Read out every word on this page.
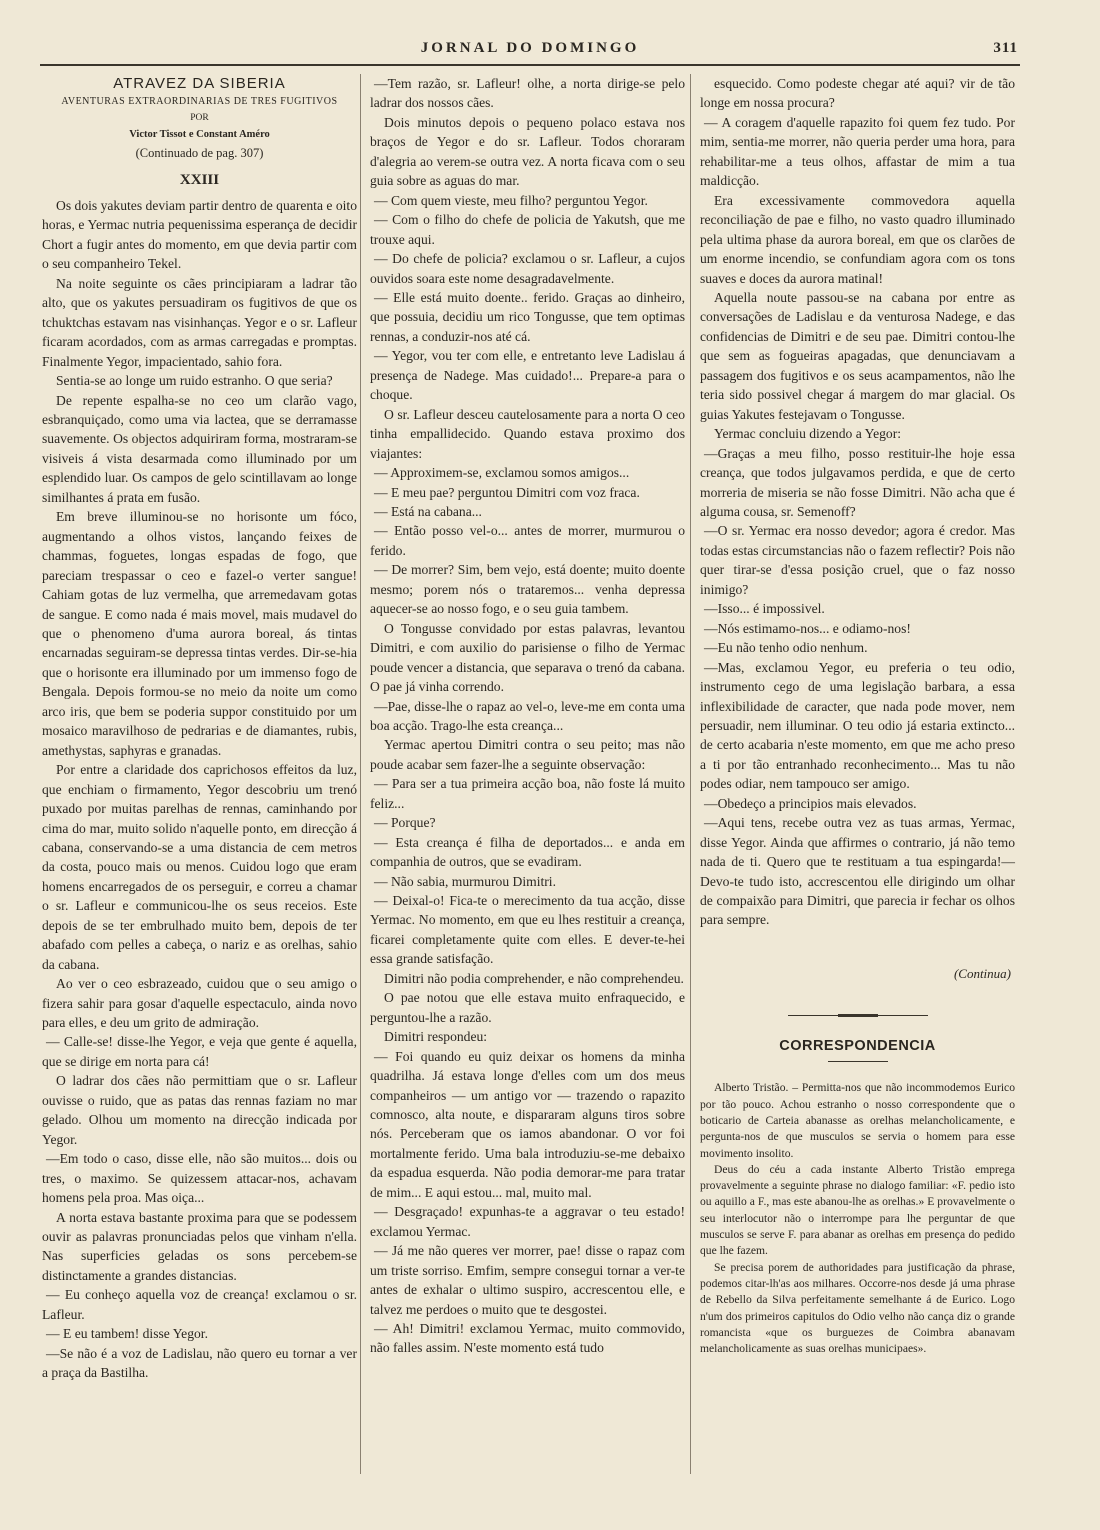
JORNAL DO DOMINGO	311
ATRAVEZ DA SIBERIA
AVENTURAS EXTRAORDINARIAS DE TRES FUGITIVOS
POR
Victor Tissot e Constant Améro
(Continuado de pag. 307)
XXIII

Os dois yakutes deviam partir dentro de quarenta e oito horas, e Yermac nutria pequenissima esperança de decidir Chort a fugir antes do momento, em que devia partir com o seu companheiro Tekel.

Na noite seguinte os cães principiaram a ladrar tão alto, que os yakutes persuadiram os fugitivos de que os tchuktchas estavam nas visinhanças. Yegor e o sr. Lafleur ficaram acordados, com as armas carregadas e promptas. Finalmente Yegor, impacientado, sahio fora.

Sentia-se ao longe um ruido estranho. O que seria?

De repente espalha-se no ceo um clarão vago, esbranquiçado, como uma via lactea, que se derramasse suavemente. Os objectos adquiriram forma, mostraram-se visiveis á vista desarmada como illuminado por um esplendido luar. Os campos de gelo scintillavam ao longe similhantes á prata em fusão.

Em breve illuminou-se no horisonte um fóco, augmentando a olhos vistos, lançando feixes de chammas, foguetes, longas espadas de fogo, que pareciam trespassar o ceo e fazel-o verter sangue! Cahiam gotas de luz vermelha, que arremedavam gotas de sangue. E como nada é mais movel, mais mudavel do que o phenomeno d'uma aurora boreal, ás tintas encarnadas seguiram-se depressa tintas verdes. Dir-se-hia que o horisonte era illuminado por um immenso fogo de Bengala. Depois formou-se no meio da noite um como arco iris, que bem se poderia suppor constituido por um mosaico maravilhoso de pedrarias e de diamantes, rubis, amethystas, saphyras e granadas.

Por entre a claridade dos caprichosos effeitos da luz, que enchiam o firmamento, Yegor descobriu um trenó puxado por muitas parelhas de rennas, caminhando por cima do mar, muito solido n'aquelle ponto, em direcção á cabana, conservando-se a uma distancia de cem metros da costa, pouco mais ou menos. Cuidou logo que eram homens encarregados de os perseguir, e correu a chamar o sr. Lafleur e communicou-lhe os seus receios. Este depois de se ter embrulhado muito bem, depois de ter abafado com pelles a cabeça, o nariz e as orelhas, sahio da cabana.

Ao ver o ceo esbrazeado, cuidou que o seu amigo o fizera sahir para gosar d'aquelle espectaculo, ainda novo para elles, e deu um grito de admiração.

— Calle-se! disse-lhe Yegor, e veja que gente é aquella, que se dirige em norta para cá!

O ladrar dos cães não permittiam que o sr. Lafleur ouvisse o ruido, que as patas das rennas faziam no mar gelado. Olhou um momento na direcção indicada por Yegor.

—Em todo o caso, disse elle, não são muitos... dois ou tres, o maximo. Se quizessem attacar-nos, achavam homens pela proa. Mas oiça...

A norta estava bastante proxima para que se podessem ouvir as palavras pronunciadas pelos que vinham n'ella. Nas superficies geladas os sons percebem-se distinctamente a grandes distancias.

— Eu conheço aquella voz de creança! exclamou o sr. Lafleur.

— E eu tambem! disse Yegor.

—Se não é a voz de Ladislau, não quero eu tornar a ver a praça da Bastilha.

—Tem razão, sr. Lafleur! olhe, a norta dirige-se pelo ladrar dos nossos cães.

Dois minutos depois o pequeno polaco estava nos braços de Yegor e do sr. Lafleur. Todos choraram d'alegria ao verem-se outra vez. A norta ficava com o seu guia sobre as aguas do mar.

— Com quem vieste, meu filho? perguntou Yegor.

— Com o filho do chefe de policia de Yakutsh, que me trouxe aqui.

— Do chefe de policia? exclamou o sr. Lafleur, a cujos ouvidos soara este nome desagradavelmente.

— Elle está muito doente.. ferido. Graças ao dinheiro, que possuia, decidiu um rico Tongusse, que tem optimas rennas, a conduzir-nos até cá.

— Yegor, vou ter com elle, e entretanto leve Ladislau á presença de Nadege. Mas cuidado!... Prepare-a para o choque.

O sr. Lafleur desceu cautelosamente para a norta O ceo tinha empallidecido. Quando estava proximo dos viajantes:

— Approximem-se, exclamou somos amigos...

— E meu pae? perguntou Dimitri com voz fraca.

— Está na cabana...

— Então posso vel-o... antes de morrer, murmurou o ferido.

— De morrer? Sim, bem vejo, está doente; muito doente mesmo; porem nós o trataremos... venha depressa aquecer-se ao nosso fogo, e o seu guia tambem.

O Tongusse convidado por estas palavras, levantou Dimitri, e com auxilio do parisiense o filho de Yermac poude vencer a distancia, que separava o trenó da cabana. O pae já vinha correndo.

—Pae, disse-lhe o rapaz ao vel-o, leve-me em conta uma boa acção. Trago-lhe esta creança...

Yermac apertou Dimitri contra o seu peito; mas não poude acabar sem fazer-lhe a seguinte observação:

— Para ser a tua primeira acção boa, não foste lá muito feliz...

— Porque?

— Esta creança é filha de deportados... e anda em companhia de outros, que se evadiram.

— Não sabia, murmurou Dimitri.

— Deixal-o! Fica-te o merecimento da tua acção, disse Yermac. No momento, em que eu lhes restituir a creança, ficarei completamente quite com elles. E dever-te-hei essa grande satisfação.

Dimitri não podia comprehender, e não comprehendeu.

O pae notou que elle estava muito enfraquecido, e perguntou-lhe a razão.

Dimitri respondeu:

— Foi quando eu quiz deixar os homens da minha quadrilha. Já estava longe d'elles com um dos meus companheiros — um antigo vor — trazendo o rapazito comnosco, alta noute, e dispararam alguns tiros sobre nós. Perceberam que os iamos abandonar. O vor foi mortalmente ferido. Uma bala introduziu-se-me debaixo da espadua esquerda. Não podia demorar-me para tratar de mim... E aqui estou... mal, muito mal.

— Desgraçado! expunhas-te a aggravar o teu estado! exclamou Yermac.

— Já me não queres ver morrer, pae! disse o rapaz com um triste sorriso. Emfim, sempre consegui tornar a ver-te antes de exhalar o ultimo suspiro, accrescentou elle, e talvez me perdoes o muito que te desgostei.

— Ah! Dimitri! exclamou Yermac, muito commovido, não falles assim. N'este momento está tudo

esquecido. Como podeste chegar até aqui? vir de tão longe em nossa procura?

— A coragem d'aquelle rapazito foi quem fez tudo. Por mim, sentia-me morrer, não queria perder uma hora, para rehabilitar-me a teus olhos, affastar de mim a tua maldicção.

Era excessivamente commovedora aquella reconciliação de pae e filho, no vasto quadro illuminado pela ultima phase da aurora boreal, em que os clarões de um enorme incendio, se confundiam agora com os tons suaves e doces da aurora matinal!

Aquella noute passou-se na cabana por entre as conversações de Ladislau e da venturosa Nadege, e das confidencias de Dimitri e de seu pae. Dimitri contou-lhe que sem as fogueiras apagadas, que denunciavam a passagem dos fugitivos e os seus acampamentos, não lhe teria sido possivel chegar á margem do mar glacial. Os guias Yakutes festejavam o Tongusse.

Yermac concluiu dizendo a Yegor:

—Graças a meu filho, posso restituir-lhe hoje essa creança, que todos julgavamos perdida, e que de certo morreria de miseria se não fosse Dimitri. Não acha que é alguma cousa, sr. Semenoff?

—O sr. Yermac era nosso devedor; agora é credor. Mas todas estas circumstancias não o fazem reflectir? Pois não quer tirar-se d'essa posição cruel, que o faz nosso inimigo?

—Isso... é impossivel.

—Nós estimamo-nos... e odiamo-nos!

—Eu não tenho odio nenhum.

—Mas, exclamou Yegor, eu preferia o teu odio, instrumento cego de uma legislação barbara, a essa inflexibilidade de caracter, que nada pode mover, nem persuadir, nem illuminar. O teu odio já estaria extincto... de certo acabaria n'este momento, em que me acho preso a ti por tão entranhado reconhecimento... Mas tu não podes odiar, nem tampouco ser amigo.

—Obedeço a principios mais elevados.

—Aqui tens, recebe outra vez as tuas armas, Yermac, disse Yegor. Ainda que affirmes o contrario, já não temo nada de ti. Quero que te restituam a tua espingarda!—Devo-te tudo isto, accrescentou elle dirigindo um olhar de compaixão para Dimitri, que parecia ir fechar os olhos para sempre.

(Continua)
CORRESPONDENCIA

Alberto Tristão. – Permitta-nos que não incommodemos Eurico por tão pouco. Achou estranho o nosso correspondente que o boticario de Carteia abanasse as orelhas melancholicamente, e pergunta-nos de que musculos se servia o homem para esse movimento insolito.

Deus do céu a cada instante Alberto Tristão emprega provavelmente a seguinte phrase no dialogo familiar: «F. pedio isto ou aquillo a F., mas este abanou-lhe as orelhas.» E provavelmente o seu interlocutor não o interrompe para lhe perguntar de que musculos se serve F. para abanar as orelhas em presença do pedido que lhe fazem.

Se precisa porem de authoridades para justificação da phrase, podemos citar-lh'as aos milhares. Occorre-nos desde já uma phrase de Rebello da Silva perfeitamente semelhante á de Eurico. Logo n'um dos primeiros capitulos do Odio velho não cança diz o grande romancista «que os burguezes de Coimbra abanavam melancholicamente as suas orelhas municipaes».
